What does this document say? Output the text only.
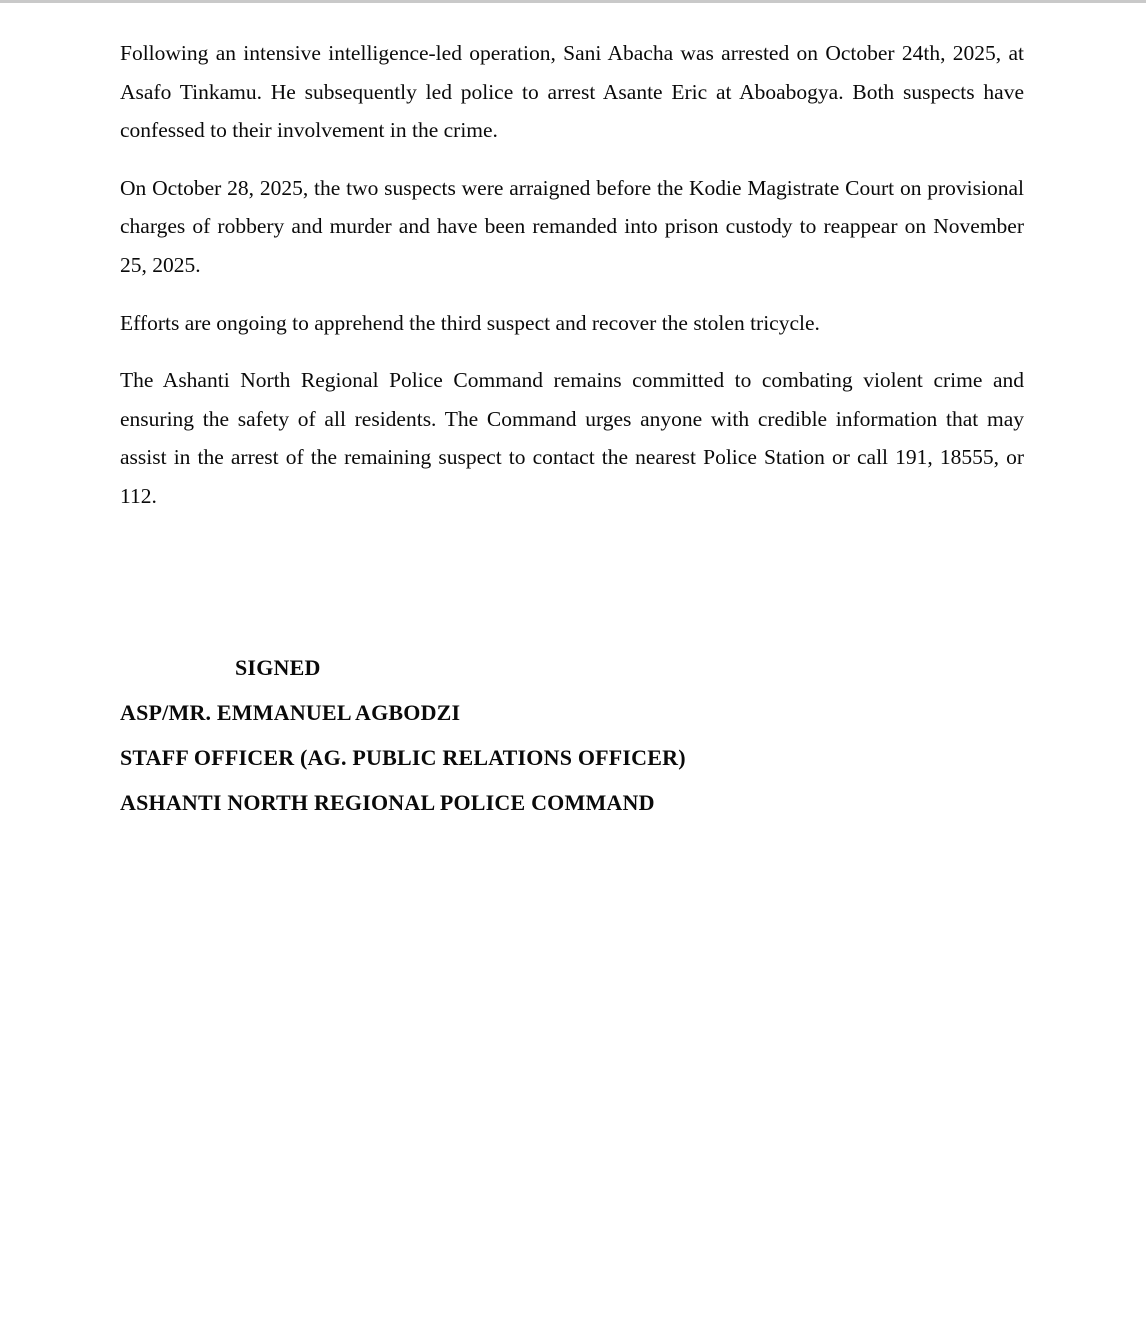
Following an intensive intelligence-led operation, Sani Abacha was arrested on October 24th, 2025, at Asafo Tinkamu. He subsequently led police to arrest Asante Eric at Aboabogya. Both suspects have confessed to their involvement in the crime.

On October 28, 2025, the two suspects were arraigned before the Kodie Magistrate Court on provisional charges of robbery and murder and have been remanded into prison custody to reappear on November 25, 2025.

Efforts are ongoing to apprehend the third suspect and recover the stolen tricycle.

The Ashanti North Regional Police Command remains committed to combating violent crime and ensuring the safety of all residents. The Command urges anyone with credible information that may assist in the arrest of the remaining suspect to contact the nearest Police Station or call 191, 18555, or 112.

SIGNED
ASP/MR. EMMANUEL AGBODZI
STAFF OFFICER (AG. PUBLIC RELATIONS OFFICER)
ASHANTI NORTH REGIONAL POLICE COMMAND
